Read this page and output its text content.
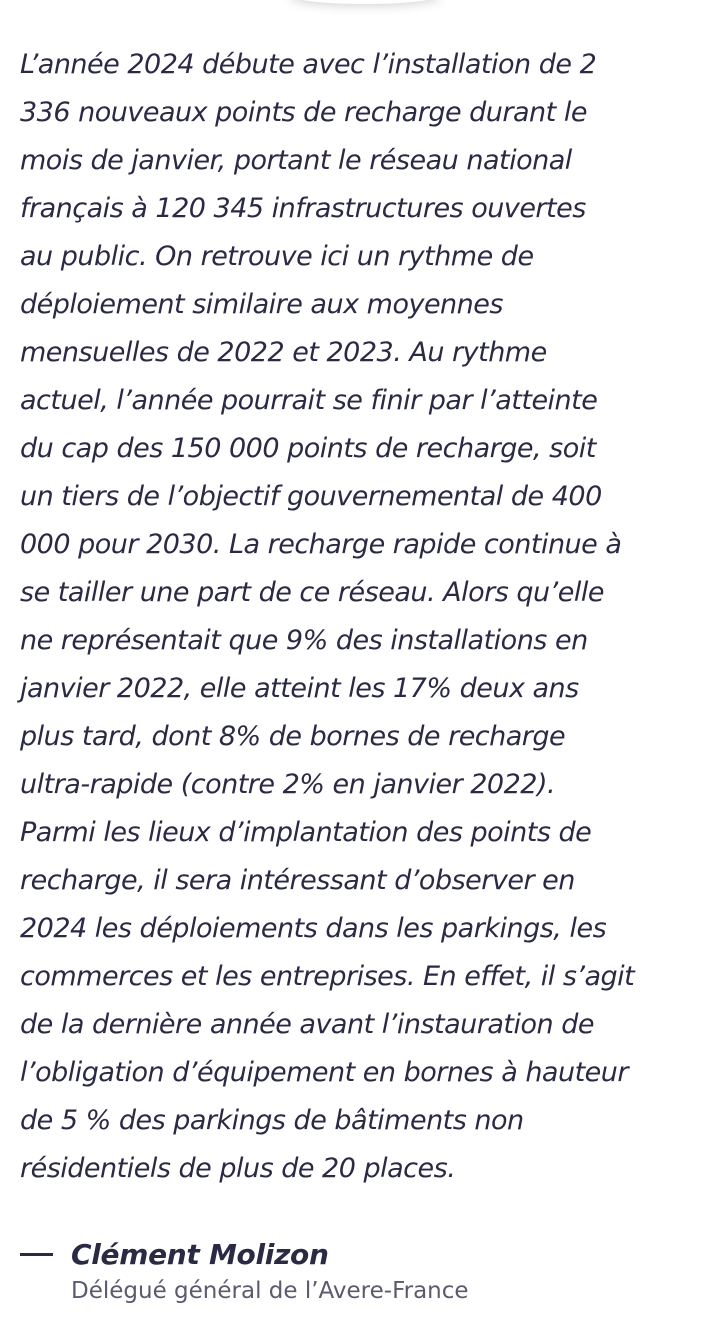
L’année 2024 débute avec l’installation de 2
336 nouveaux points de recharge durant le
mois de janvier, portant le réseau national
français à 120 345 infrastructures ouvertes
au public. On retrouve ici un rythme de
déploiement similaire aux moyennes
mensuelles de 2022 et 2023. Au rythme
actuel, l’année pourrait se finir par l’atteinte
du cap des 150 000 points de recharge, soit
un tiers de l’objectif gouvernemental de 400
000 pour 2030. La recharge rapide continue à
se tailler une part de ce réseau. Alors qu’elle
ne représentait que 9% des installations en
janvier 2022, elle atteint les 17% deux ans
plus tard, dont 8% de bornes de recharge
ultra-rapide (contre 2% en janvier 2022).
Parmi les lieux d’implantation des points de
recharge, il sera intéressant d’observer en
2024 les déploiements dans les parkings, les
commerces et les entreprises. En effet, il s’agit
de la dernière année avant l’instauration de
l’obligation d’équipement en bornes à hauteur
de 5 % des parkings de bâtiments non
résidentiels de plus de 20 places.
Clément Molizon
Délégué général de l’Avere-France
